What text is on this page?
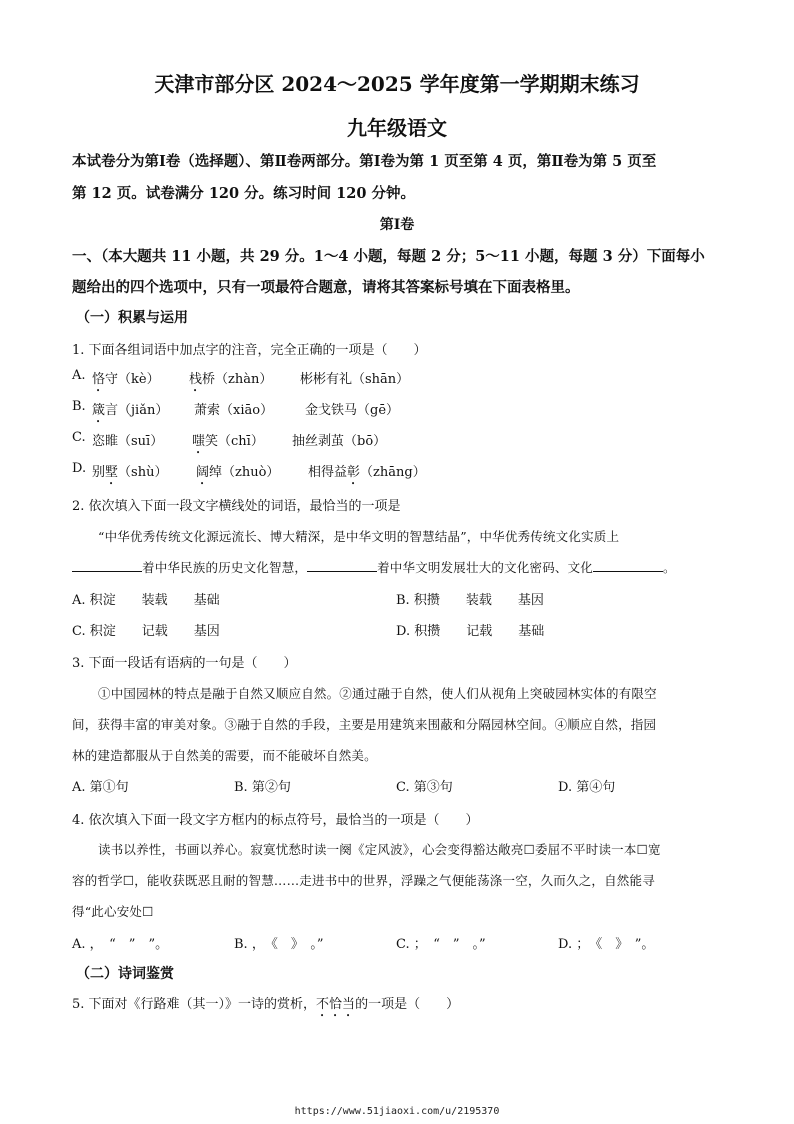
天津市部分区 2024～2025 学年度第一学期期末练习
九年级语文
本试卷分为第Ⅰ卷（选择题）、第Ⅱ卷两部分。第Ⅰ卷为第 1 页至第 4 页，第Ⅱ卷为第 5 页至
第 12 页。试卷满分 120 分。练习时间 120 分钟。
第Ⅰ卷
一、（本大题共 11 小题，共 29 分。1～4 小题，每题 2 分；5～11 小题，每题 3 分）下面每小
题给出的四个选项中，只有一项最符合题意，请将其答案标号填在下面表格里。
（一）积累与运用
1. 下面各组词语中加点字的注音，完全正确的一项是（　　）
A. 恪守（kè） 栈桥（zhàn） 彬彬有礼（shān）
B. 箴言（jiǎn） 萧索（xiāo） 金戈铁马（gē）
C. 恣睢（suī） 嗤笑（chī） 抽丝剥茧（bō）
D. 别墅（shù） 阔绰（zhuò） 相得益彰（zhāng）
2. 依次填入下面一段文字横线处的词语，最恰当的一项是
“中华优秀传统文化源远流长、博大精深，是中华文明的智慧结晶”，中华优秀传统文化实质上
着中华民族的历史文化智慧，	着中华文明发展壮大的文化密码、文化	。
A. 积淀　　装载　　基础	B. 积攒　　装载　　基因
C. 积淀　　记载　　基因	D. 积攒　　记载　　基础
3. 下面一段话有语病的一句是（　　）
①中国园林的特点是融于自然又顺应自然。②通过融于自然，使人们从视角上突破园林实体的有限空
间，获得丰富的审美对象。③融于自然的手段，主要是用建筑来围蔽和分隔园林空间。④顺应自然，指园
林的建造都服从于自然美的需要，而不能破坏自然美。
A. 第①句	B. 第②句	C. 第③句	D. 第④句
4. 依次填入下面一段文字方框内的标点符号，最恰当的一项是（　　）
读书以养性，书画以养心。寂寞忧愁时读一阕《定风波》，心会变得豁达敞亮☐委屈不平时读一本☐宽
容的哲学☐，能收获既恶且耐的智慧……走进书中的世界，浮躁之气便能荡涤一空，久而久之，自然能寻
得“此心安处☐
A. ，　“　”　”。	B. ，　《　》　。”	C. ；　“　”　。”	D. ；　《　》　”。
（二）诗词鉴赏
5. 下面对《行路难（其一）》一诗的赏析，不恰当的一项是（　　）
https://www.51jiaoxi.com/u/2195370
